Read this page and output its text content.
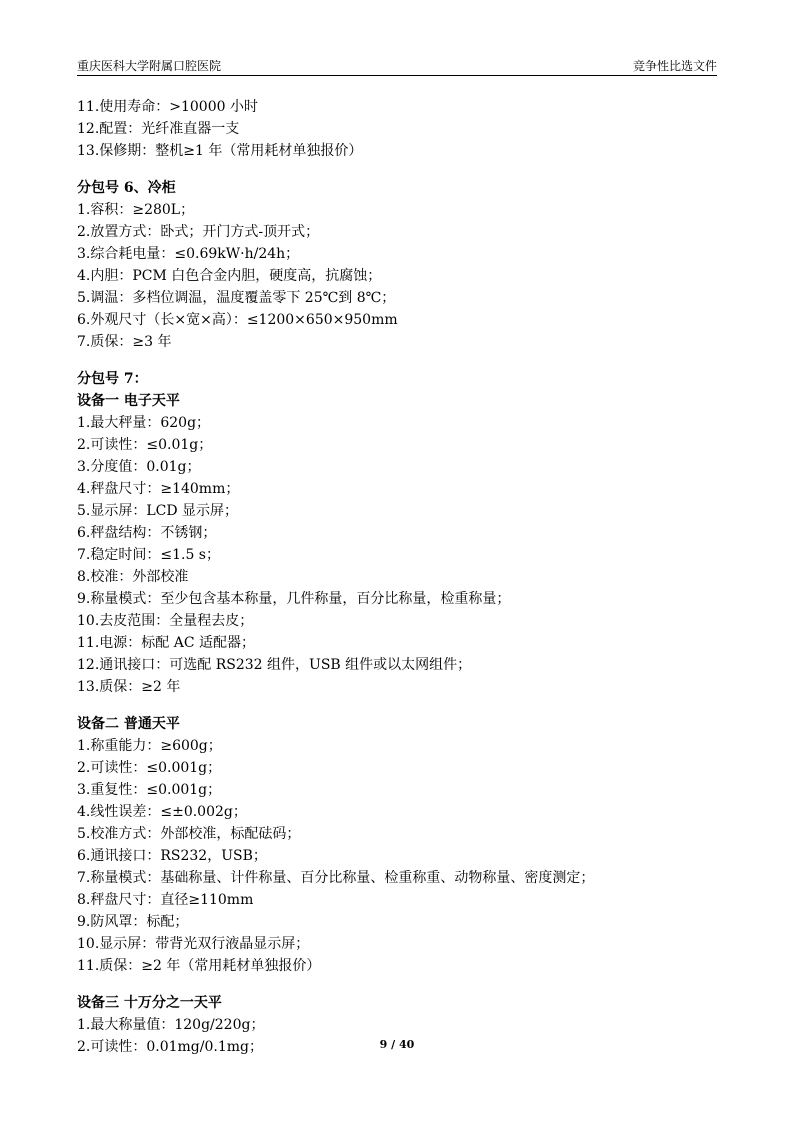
重庆医科大学附属口腔医院	竞争性比选文件
11.使用寿命：>10000 小时
12.配置：光纤准直器一支
13.保修期：整机≥1 年（常用耗材单独报价）
分包号 6、冷柜
1.容积：≥280L；
2.放置方式：卧式；开门方式-顶开式；
3.综合耗电量：≤0.69kW·h/24h；
4.内胆：PCM 白色合金内胆，硬度高，抗腐蚀；
5.调温：多档位调温，温度覆盖零下 25℃到 8℃；
6.外观尺寸（长×宽×高）：≤1200×650×950mm
7.质保：≥3 年
分包号 7：
设备一 电子天平
1.最大秤量：620g；
2.可读性：≤0.01g；
3.分度值：0.01g；
4.秤盘尺寸：≥140mm；
5.显示屏：LCD 显示屏；
6.秤盘结构：不锈钢；
7.稳定时间：≤1.5 s；
8.校准：外部校准
9.称量模式：至少包含基本称量，几件称量，百分比称量，检重称量；
10.去皮范围：全量程去皮；
11.电源：标配 AC 适配器；
12.通讯接口：可选配 RS232 组件，USB 组件或以太网组件；
13.质保：≥2 年
设备二 普通天平
1.称重能力：≥600g；
2.可读性：≤0.001g；
3.重复性：≤0.001g；
4.线性误差：≤±0.002g；
5.校准方式：外部校准，标配砝码；
6.通讯接口：RS232，USB；
7.称量模式：基础称量、计件称量、百分比称量、检重称重、动物称量、密度测定；
8.秤盘尺寸：直径≥110mm
9.防风罩：标配；
10.显示屏：带背光双行液晶显示屏；
11.质保：≥2 年（常用耗材单独报价）
设备三 十万分之一天平
1.最大称量值：120g/220g；
2.可读性：0.01mg/0.1mg；	9 / 40
